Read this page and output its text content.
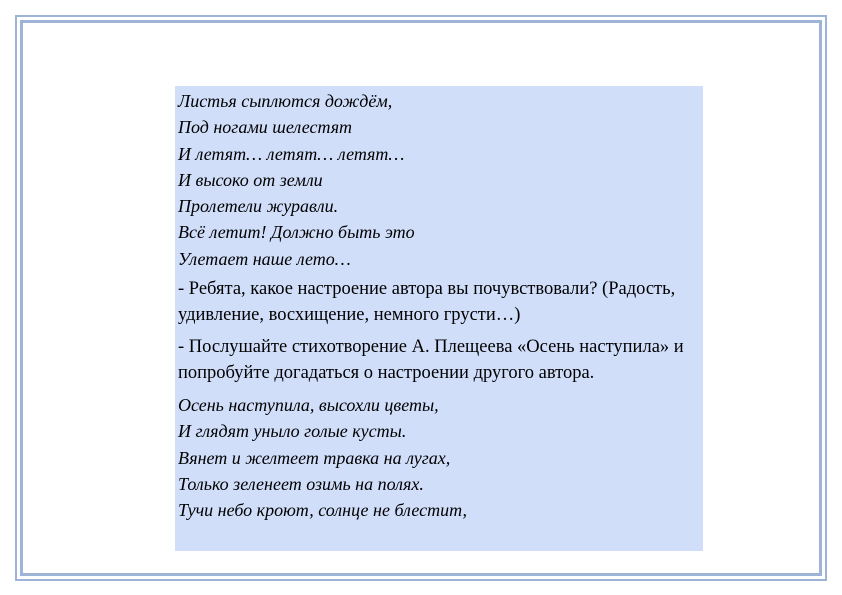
Листья сыплются дождём,
Под ногами шелестят
И летят… летят… летят…
И высоко от земли
Пролетели журавли.
Всё летит! Должно быть это
Улетает наше лето…
- Ребята, какое настроение автора вы почувствовали? (Радость, удивление, восхищение, немного грусти…)
- Послушайте стихотворение А. Плещеева «Осень наступила» и попробуйте догадаться о настроении другого автора.
Осень наступила, высохли цветы,
И глядят уныло голые кусты.
Вянет и желтеет травка на лугах,
Только зеленеет озимь на полях.
Тучи небо кроют, солнце не блестит,
